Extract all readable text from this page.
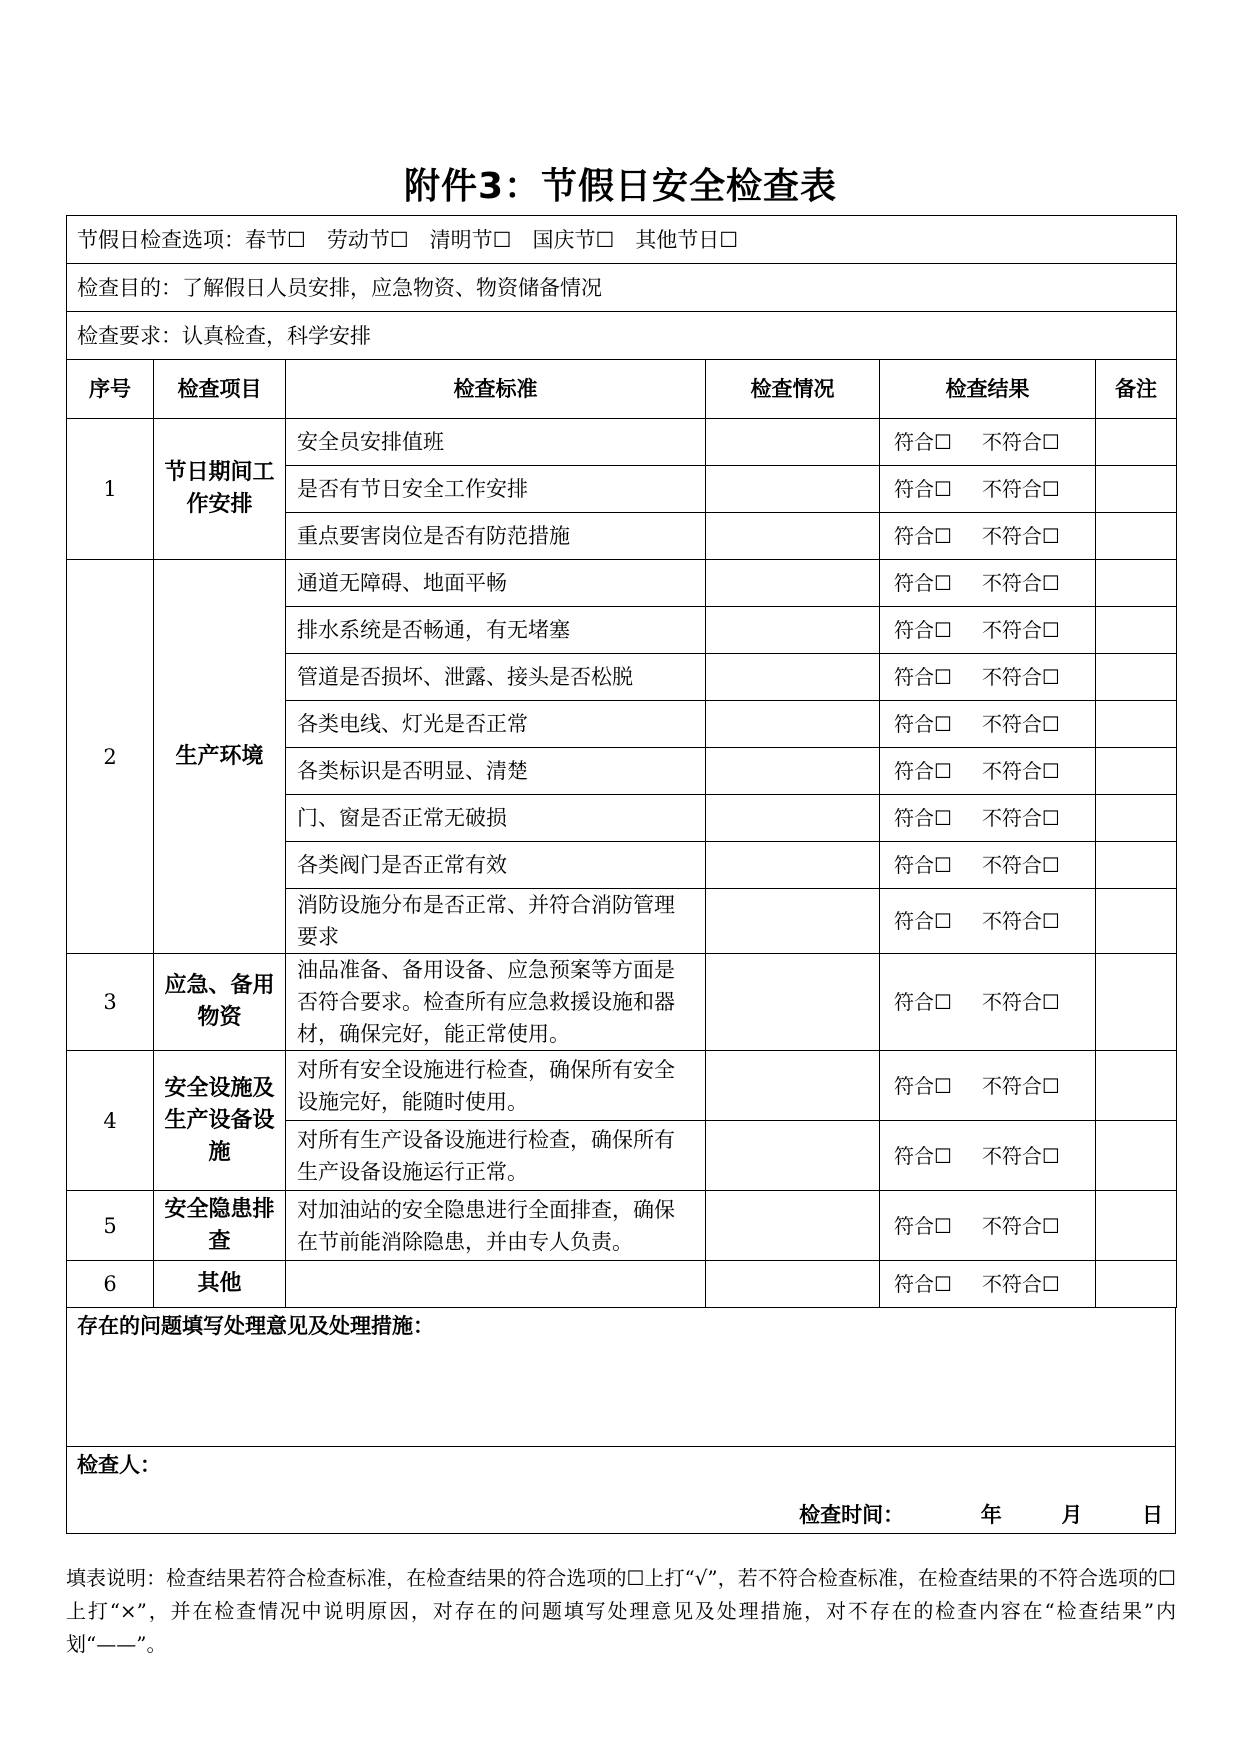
附件3：节假日安全检查表
节假日检查选项：春节☐　劳动节☐　清明节☐　国庆节☐　其他节日☐					
检查目的：了解假日人员安排，应急物资、物资储备情况					
检查要求：认真检查，科学安排					
序号	检查项目	检查标准	检查情况	检查结果	备注
1	节日期间工作安排	安全员安排值班		符合☐ 不符合☐	
		是否有节日安全工作安排		符合☐ 不符合☐	
		重点要害岗位是否有防范措施		符合☐ 不符合☐	
2	生产环境	通道无障碍、地面平畅		符合☐ 不符合☐	
		排水系统是否畅通，有无堵塞		符合☐ 不符合☐	
		管道是否损坏、泄露、接头是否松脱		符合☐ 不符合☐	
		各类电线、灯光是否正常		符合☐ 不符合☐	
		各类标识是否明显、清楚		符合☐ 不符合☐	
		门、窗是否正常无破损		符合☐ 不符合☐	
		各类阀门是否正常有效		符合☐ 不符合☐	
		消防设施分布是否正常、并符合消防管理要求		符合☐ 不符合☐	
3	应急、备用物资	油品准备、备用设备、应急预案等方面是否符合要求。检查所有应急救援设施和器材，确保完好，能正常使用。		符合☐ 不符合☐	
4	安全设施及生产设备设施	对所有安全设施进行检查，确保所有安全设施完好，能随时使用。		符合☐ 不符合☐	
		对所有生产设备设施进行检查，确保所有生产设备设施运行正常。		符合☐ 不符合☐	
5	安全隐患排查	对加油站的安全隐患进行全面排查，确保在节前能消除隐患，并由专人负责。		符合☐ 不符合☐	
6	其他			符合☐ 不符合☐	
存在的问题填写处理意见及处理措施：
检查人：
检查时间：	年	月	日
填表说明：检查结果若符合检查标准，在检查结果的符合选项的☐上打“√”，若不符合检查标准，在检查结果的不符合选项的☐上打“×”，并在检查情况中说明原因，对存在的问题填写处理意见及处理措施，对不存在的检查内容在“检查结果”内划“——”。
